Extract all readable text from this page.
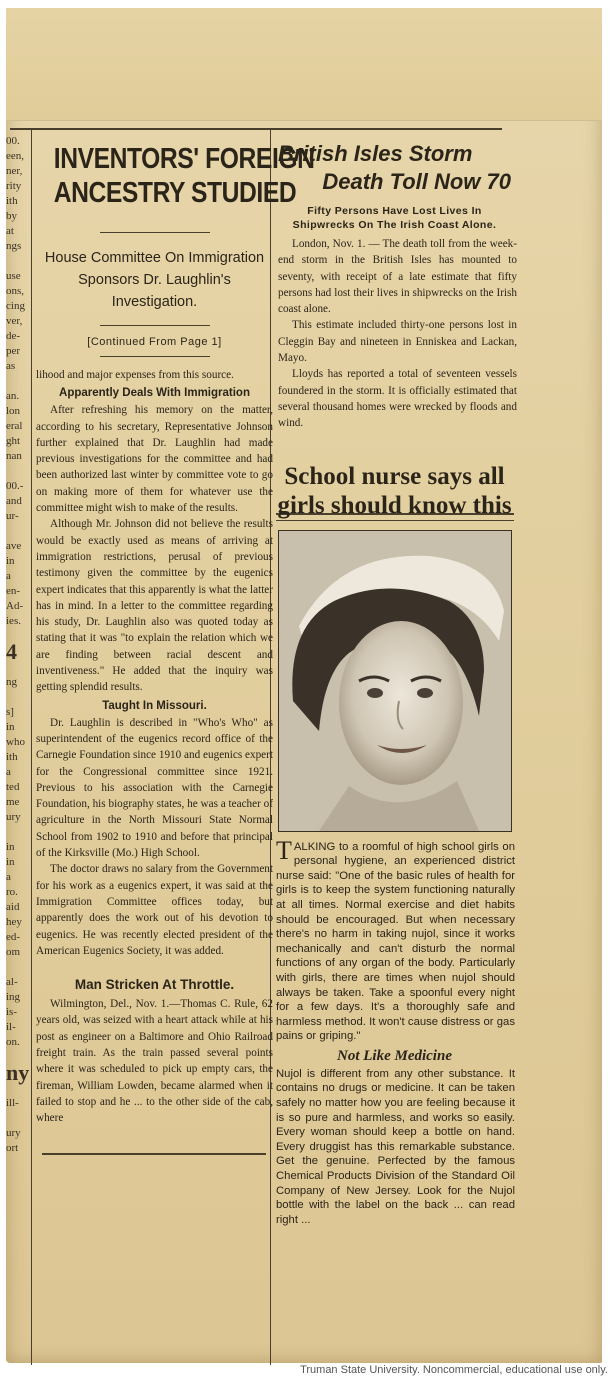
00.
een,
ner,
rity
ith
by
at
ngs

use
ons,
cing
ver,
de-
per
as

an.
lon
eral
ght
nan

00.-
and
ur-

ave
in
a
en-
Ad-
ies.
4
ng

s]
in
who
ith
a
ted
me
ury

in
in
a
ro.
aid
hey
ed-
om

al-
ing
is-
il-
on.
ny
ill-

ury
ort
INVENTORS' FOREIGN
ANCESTRY STUDIED
House Committee On Immigration Sponsors Dr. Laughlin's Investigation.
[Continued From Page 1]

lihood and major expenses from this source.

Apparently Deals With Immigration

After refreshing his memory on the matter, according to his secretary, Representative Johnson further explained that Dr. Laughlin had made previous investigations for the committee and had been authorized last winter by committee vote to go on making more of them for whatever use the committee might wish to make of the results.

Although Mr. Johnson did not believe the results would be exactly used as means of arriving at immigration restrictions, perusal of previous testimony given the committee by the eugenics expert indicates that this apparently is what the latter has in mind. In a letter to the committee regarding his study, Dr. Laughlin also was quoted today as stating that it was "to explain the relation which we are finding between racial descent and inventiveness." He added that the inquiry was getting splendid results.

Taught In Missouri.

Dr. Laughlin is described in "Who's Who" as superintendent of the eugenics record office of the Carnegie Foundation since 1910 and eugenics expert for the Congressional committee since 1921. Previous to his association with the Carnegie Foundation, his biography states, he was a teacher of agriculture in the North Missouri State Normal School from 1902 to 1910 and before that principal of the Kirksville (Mo.) High School.

The doctor draws no salary from the Government for his work as a eugenics expert, it was said at the Immigration Committee offices today, but apparently does the work out of his devotion to eugenics. He was recently elected president of the American Eugenics Society, it was added.

Man Stricken At Throttle.

Wilmington, Del., Nov. 1.—Thomas C. Rule, 62 years old, was seized with a heart attack while at his post as engineer on a Baltimore and Ohio Railroad freight train. As the train passed several points where it was scheduled to pick up empty cars, the fireman, William Lowden, became alarmed when it failed to stop and he ... to the other side of the cab, where

British Isles Storm
Death Toll Now 70
Fifty Persons Have Lost Lives In Shipwrecks On The Irish Coast Alone.

London, Nov. 1. — The death toll from the week-end storm in the British Isles has mounted to seventy, with receipt of a late estimate that fifty persons had lost their lives in shipwrecks on the Irish coast alone.

This estimate included thirty-one persons lost in Cleggin Bay and nineteen in Enniskea and Lackan, Mayo.

Lloyds has reported a total of seventeen vessels foundered in the storm. It is officially estimated that several thousand homes were wrecked by floods and wind.

School nurse says all girls should know this

TALKING to a roomful of high school girls on personal hygiene, an experienced district nurse said: "One of the basic rules of health for girls is to keep the system functioning naturally at all times. Normal exercise and diet habits should be encouraged. But when necessary there's no harm in taking nujol, since it works mechanically and can't disturb the normal functions of any organ of the body. Particularly with girls, there are times when nujol should always be taken. Take a spoonful every night for a few days. It's a thoroughly safe and harmless method. It won't cause distress or gas pains or griping."

Not Like Medicine

Nujol is different from any other substance. It contains no drugs or medicine. It can be taken safely no matter how you are feeling because it is so pure and harmless, and works so easily. Every woman should keep a bottle on hand. Every druggist has this remarkable substance. Get the genuine. Perfected by the famous Chemical Products Division of the Standard Oil Company of New Jersey. Look for the Nujol bottle with the label on the back ... can read right ...

Truman State University. Noncommercial, educational use only.
